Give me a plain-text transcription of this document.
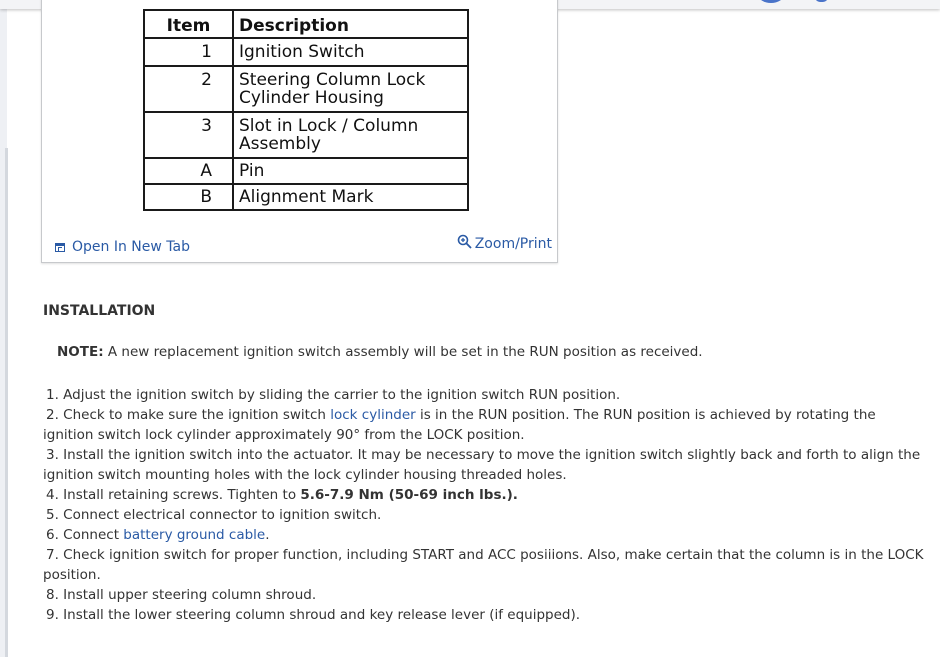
Item	Description
1	Ignition Switch
2	Steering Column Lock
Cylinder Housing
3	Slot in Lock / Column
Assembly
A	Pin
B	Alignment Mark
Open In New Tab	Zoom/Print
INSTALLATION
NOTE: A new replacement ignition switch assembly will be set in the RUN position as received.
1. Adjust the ignition switch by sliding the carrier to the ignition switch RUN position.
2. Check to make sure the ignition switch lock cylinder is in the RUN position. The RUN position is achieved by rotating the ignition switch lock cylinder approximately 90° from the LOCK position.
3. Install the ignition switch into the actuator. It may be necessary to move the ignition switch slightly back and forth to align the ignition switch mounting holes with the lock cylinder housing threaded holes.
4. Install retaining screws. Tighten to 5.6-7.9 Nm (50-69 inch lbs.).
5. Connect electrical connector to ignition switch.
6. Connect battery ground cable.
7. Check ignition switch for proper function, including START and ACC posiiions. Also, make certain that the column is in the LOCK position.
8. Install upper steering column shroud.
9. Install the lower steering column shroud and key release lever (if equipped).
